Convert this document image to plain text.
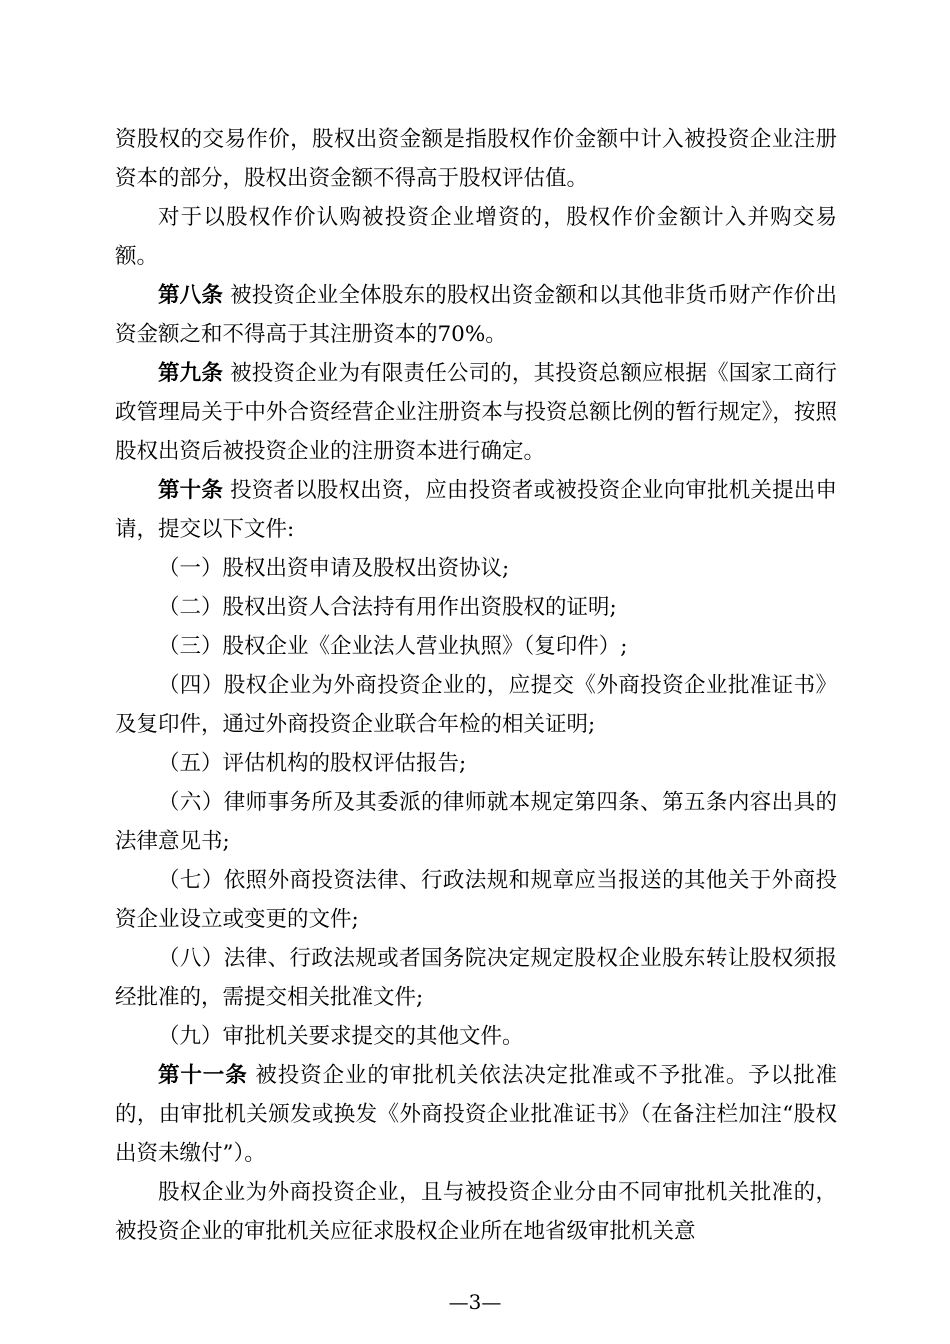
资股权的交易作价，股权出资金额是指股权作价金额中计入被投资企业注册资本的部分，股权出资金额不得高于股权评估值。

对于以股权作价认购被投资企业增资的，股权作价金额计入并购交易额。

第八条 被投资企业全体股东的股权出资金额和以其他非货币财产作价出资金额之和不得高于其注册资本的70%。

第九条 被投资企业为有限责任公司的，其投资总额应根据《国家工商行政管理局关于中外合资经营企业注册资本与投资总额比例的暂行规定》，按照股权出资后被投资企业的注册资本进行确定。

第十条 投资者以股权出资，应由投资者或被投资企业向审批机关提出申请，提交以下文件:

（一）股权出资申请及股权出资协议;

（二）股权出资人合法持有用作出资股权的证明;

（三）股权企业《企业法人营业执照》（复印件）;

（四）股权企业为外商投资企业的，应提交《外商投资企业批准证书》及复印件，通过外商投资企业联合年检的相关证明;

（五）评估机构的股权评估报告;

（六）律师事务所及其委派的律师就本规定第四条、第五条内容出具的法律意见书;

（七）依照外商投资法律、行政法规和规章应当报送的其他关于外商投资企业设立或变更的文件;

（八）法律、行政法规或者国务院决定规定股权企业股东转让股权须报经批准的，需提交相关批准文件;

（九）审批机关要求提交的其他文件。

第十一条 被投资企业的审批机关依法决定批准或不予批准。予以批准的，由审批机关颁发或换发《外商投资企业批准证书》（在备注栏加注“股权出资未缴付”）。

股权企业为外商投资企业，且与被投资企业分由不同审批机关批准的，被投资企业的审批机关应征求股权企业所在地省级审批机关意

—3—
